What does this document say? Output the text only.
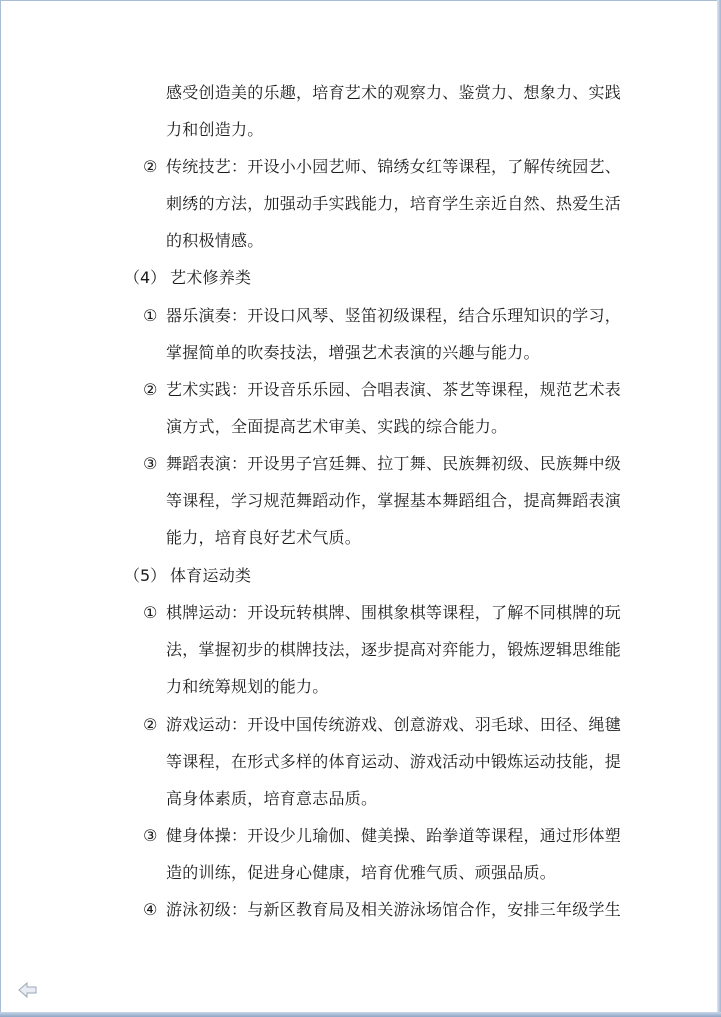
感受创造美的乐趣，培育艺术的观察力、鉴赏力、想象力、实践
力和创造力。
② 传统技艺：开设小小园艺师、锦绣女红等课程，了解传统园艺、
刺绣的方法，加强动手实践能力，培育学生亲近自然、热爱生活
的积极情感。
（4） 艺术修养类
① 器乐演奏：开设口风琴、竖笛初级课程，结合乐理知识的学习，
掌握简单的吹奏技法，增强艺术表演的兴趣与能力。
② 艺术实践：开设音乐乐园、合唱表演、茶艺等课程，规范艺术表
演方式，全面提高艺术审美、实践的综合能力。
③ 舞蹈表演：开设男子宫廷舞、拉丁舞、民族舞初级、民族舞中级
等课程，学习规范舞蹈动作，掌握基本舞蹈组合，提高舞蹈表演
能力，培育良好艺术气质。
（5） 体育运动类
① 棋牌运动：开设玩转棋牌、围棋象棋等课程，了解不同棋牌的玩
法，掌握初步的棋牌技法，逐步提高对弈能力，锻炼逻辑思维能
力和统筹规划的能力。
② 游戏运动：开设中国传统游戏、创意游戏、羽毛球、田径、绳毽
等课程，在形式多样的体育运动、游戏活动中锻炼运动技能，提
高身体素质，培育意志品质。
③ 健身体操：开设少儿瑜伽、健美操、跆拳道等课程，通过形体塑
造的训练，促进身心健康，培育优雅气质、顽强品质。
④ 游泳初级：与新区教育局及相关游泳场馆合作，安排三年级学生
